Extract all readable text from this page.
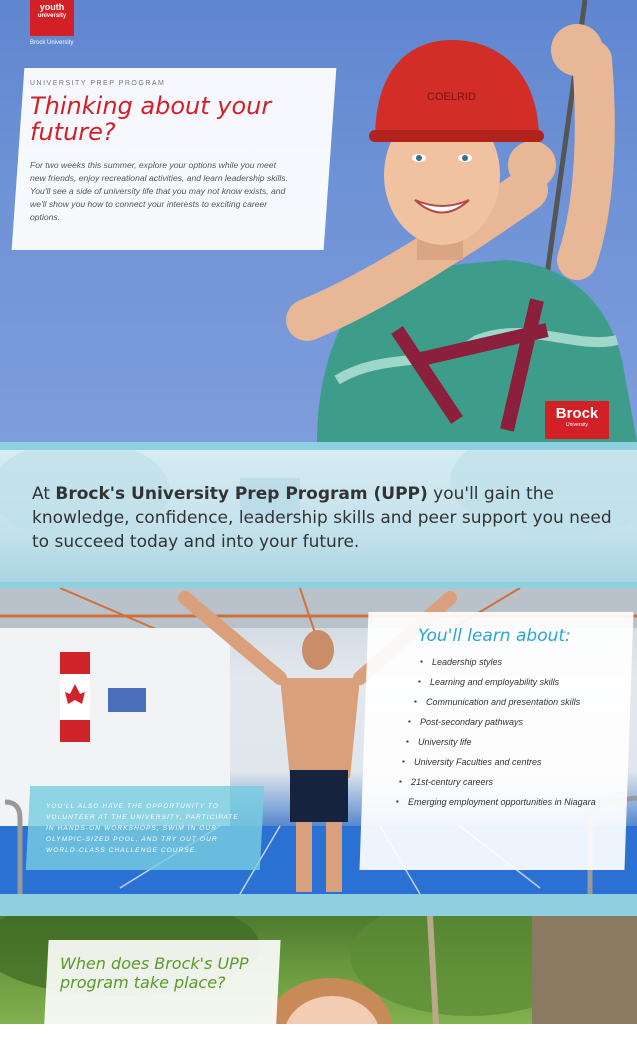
COELRID
youth
university
Brock University
UNIVERSITY PREP PROGRAM
Thinking about your future?
For two weeks this summer, explore your options while you meet new friends, enjoy recreational activities, and learn leadership skills. You'll see a side of university life that you may not know exists, and we'll show you how to connect your interests to exciting career options.
Brock
University
At Brock's University Prep Program (UPP) you'll gain the knowledge, confidence, leadership skills and peer support you need to succeed today and into your future.
You'll learn about:
▪ Leadership styles
▪ Learning and employability skills
▪ Communication and presentation skills
▪ Post-secondary pathways
▪ University life
▪ University Faculties and centres
▪ 21st-century careers
▪ Emerging employment opportunities in Niagara
YOU'LL ALSO HAVE THE OPPORTUNITY TO VOLUNTEER AT THE UNIVERSITY, PARTICIPATE IN HANDS-ON WORKSHOPS, SWIM IN OUR OLYMPIC-SIZED POOL, AND TRY OUT OUR WORLD-CLASS CHALLENGE COURSE.
When does Brock's UPP program take place?
